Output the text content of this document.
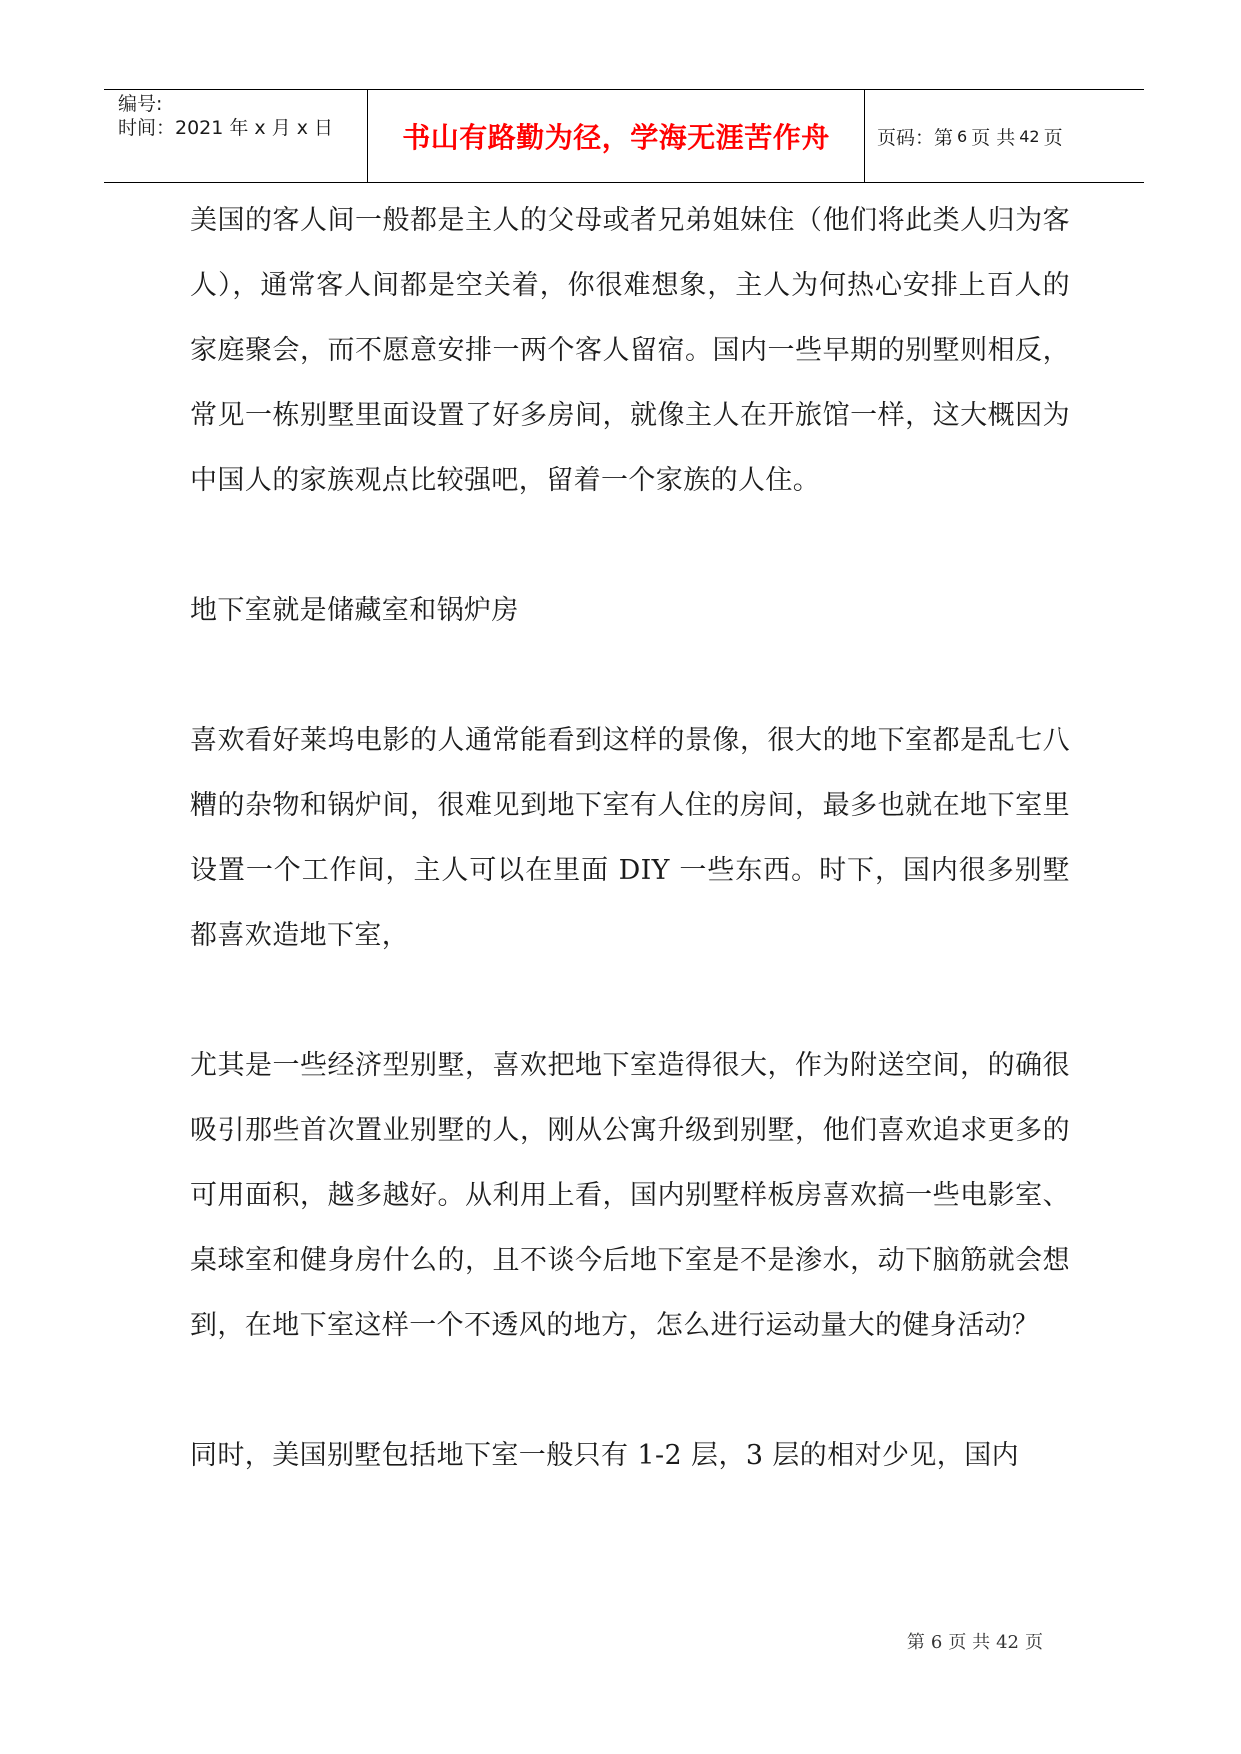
编号:
时间：2021 年 x 月 x 日	书山有路勤为径，学海无涯苦作舟 页码：第 6 页 共 42 页

美国的客人间一般都是主人的父母或者兄弟姐妹住（他们将此类人归为客人），通常客人间都是空关着，你很难想象，主人为何热心安排上百人的家庭聚会，而不愿意安排一两个客人留宿。国内一些早期的别墅则相反，常见一栋别墅里面设置了好多房间，就像主人在开旅馆一样，这大概因为中国人的家族观点比较强吧，留着一个家族的人住。

地下室就是储藏室和锅炉房

喜欢看好莱坞电影的人通常能看到这样的景像，很大的地下室都是乱七八糟的杂物和锅炉间，很难见到地下室有人住的房间，最多也就在地下室里设置一个工作间，主人可以在里面 DIY 一些东西。时下，国内很多别墅都喜欢造地下室，

尤其是一些经济型别墅，喜欢把地下室造得很大，作为附送空间，的确很吸引那些首次置业别墅的人，刚从公寓升级到别墅，他们喜欢追求更多的可用面积，越多越好。从利用上看，国内别墅样板房喜欢搞一些电影室、桌球室和健身房什么的，且不谈今后地下室是不是渗水，动下脑筋就会想到，在地下室这样一个不透风的地方，怎么进行运动量大的健身活动？

同时，美国别墅包括地下室一般只有 1-2 层，3 层的相对少见，国内

第 6 页 共 42 页
